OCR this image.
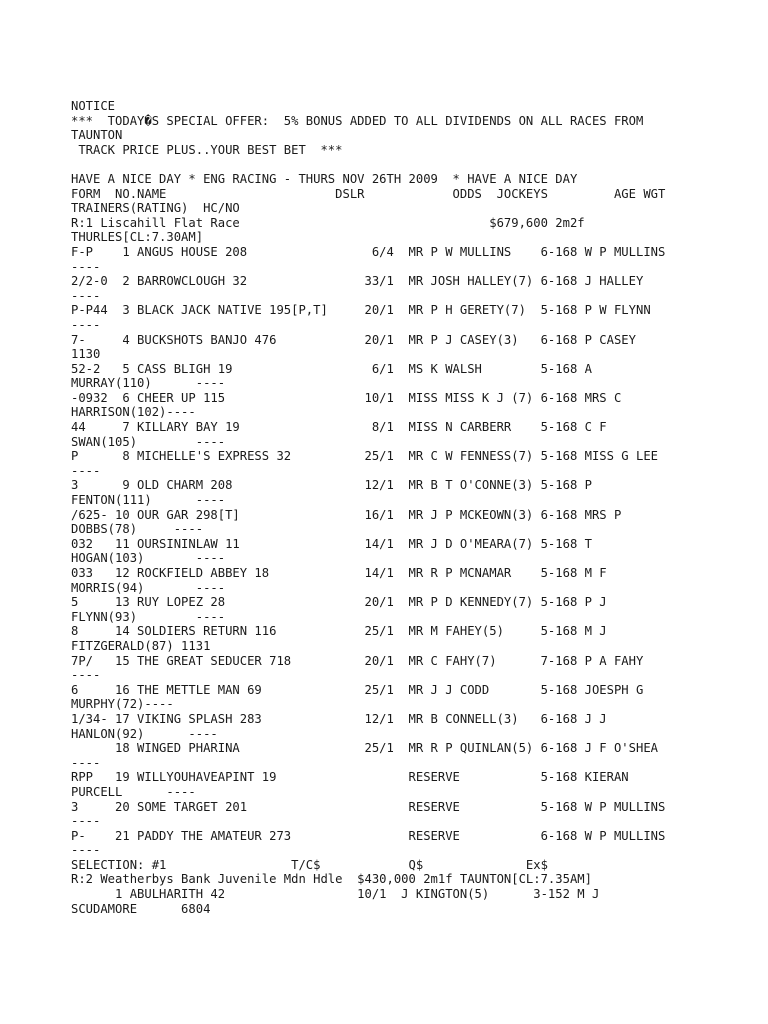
NOTICE
***  TODAY�S SPECIAL OFFER:  5% BONUS ADDED TO ALL DIVIDENDS ON ALL RACES FROM
TAUNTON
TRACK PRICE PLUS..YOUR BEST BET  ***
HAVE A NICE DAY * ENG RACING - THURS NOV 26TH 2009  * HAVE A NICE DAY
FORM  NO.NAME                       DSLR            ODDS  JOCKEYS         AGE WGT
TRAINERS(RATING)  HC/NO
R:1 Liscahill Flat Race                                  $679,600 2m2f
THURLES[CL:7.30AM]
F-P    1 ANGUS HOUSE 208                 6/4  MR P W MULLINS    6-168 W P MULLINS
----
2/2-0  2 BARROWCLOUGH 32                33/1  MR JOSH HALLEY(7) 6-168 J HALLEY
----
P-P44  3 BLACK JACK NATIVE 195[P,T]     20/1  MR P H GERETY(7)  5-168 P W FLYNN
----
7-     4 BUCKSHOTS BANJO 476            20/1  MR P J CASEY(3)   6-168 P CASEY
1130
52-2   5 CASS BLIGH 19                   6/1  MS K WALSH        5-168 A
MURRAY(110)      ----
-0932  6 CHEER UP 115                   10/1  MISS MISS K J (7) 6-168 MRS C
HARRISON(102)----
44     7 KILLARY BAY 19                  8/1  MISS N CARBERR    5-168 C F
SWAN(105)        ----
P      8 MICHELLE'S EXPRESS 32          25/1  MR C W FENNESS(7) 5-168 MISS G LEE
----
3      9 OLD CHARM 208                  12/1  MR B T O'CONNE(3) 5-168 P
FENTON(111)      ----
/625- 10 OUR GAR 298[T]                 16/1  MR J P MCKEOWN(3) 6-168 MRS P
DOBBS(78)     ----
032   11 OURSININLAW 11                 14/1  MR J D O'MEARA(7) 5-168 T
HOGAN(103)       ----
033   12 ROCKFIELD ABBEY 18             14/1  MR R P MCNAMAR    5-168 M F
MORRIS(94)       ----
5     13 RUY LOPEZ 28                   20/1  MR P D KENNEDY(7) 5-168 P J
FLYNN(93)        ----
8     14 SOLDIERS RETURN 116            25/1  MR M FAHEY(5)     5-168 M J
FITZGERALD(87) 1131
7P/   15 THE GREAT SEDUCER 718          20/1  MR C FAHY(7)      7-168 P A FAHY
----
6     16 THE METTLE MAN 69              25/1  MR J J CODD       5-168 JOESPH G
MURPHY(72)----
1/34- 17 VIKING SPLASH 283              12/1  MR B CONNELL(3)   6-168 J J
HANLON(92)      ----
18 WINGED PHARINA                 25/1  MR R P QUINLAN(5) 6-168 J F O'SHEA
----
RPP   19 WILLYOUHAVEAPINT 19                  RESERVE           5-168 KIERAN
PURCELL      ----
3     20 SOME TARGET 201                      RESERVE           5-168 W P MULLINS
----
P-    21 PADDY THE AMATEUR 273                RESERVE           6-168 W P MULLINS
----
SELECTION: #1                 T/C$            Q$              Ex$
R:2 Weatherbys Bank Juvenile Mdn Hdle  $430,000 2m1f TAUNTON[CL:7.35AM]
1 ABULHARITH 42                  10/1  J KINGTON(5)      3-152 M J
SCUDAMORE      6804
